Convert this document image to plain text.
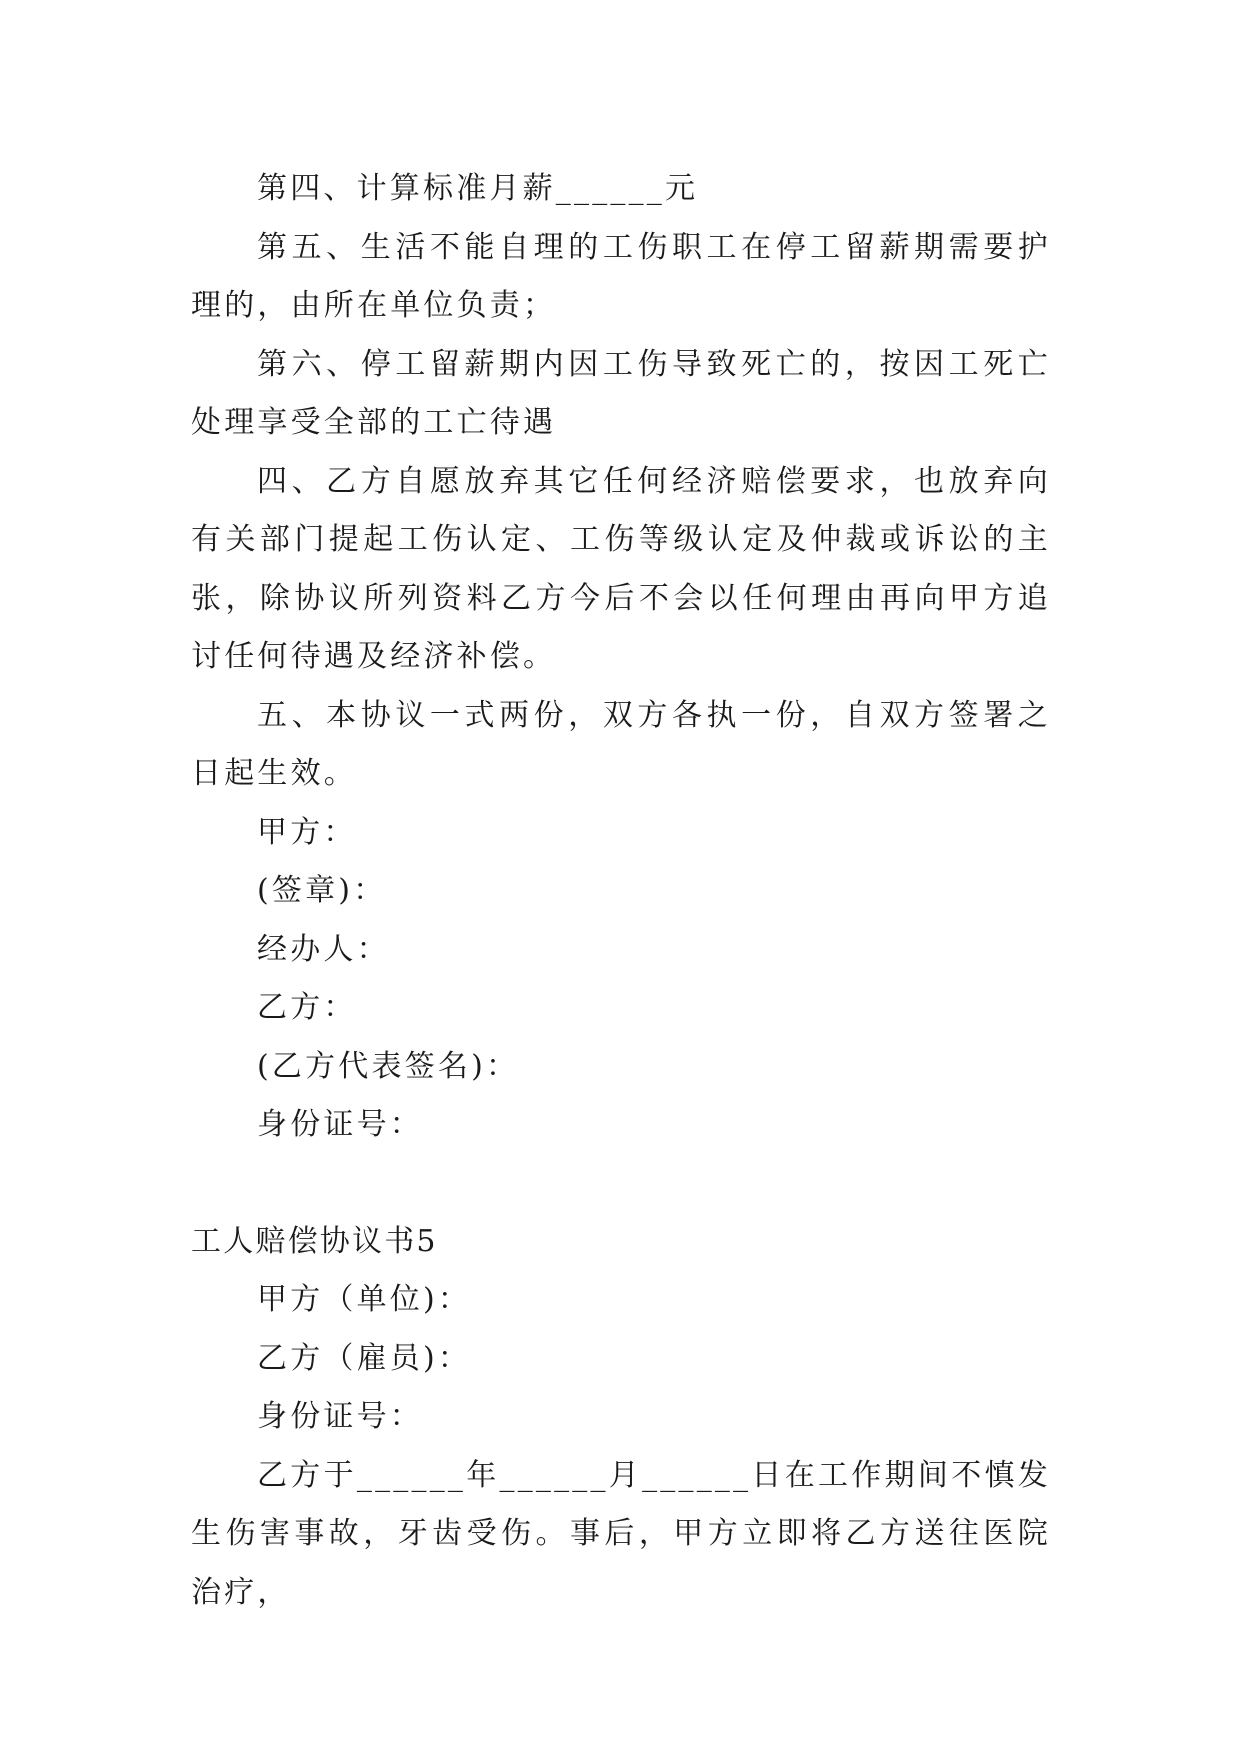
第四、计算标准月薪______元

第五、生活不能自理的工伤职工在停工留薪期需要护理的，由所在单位负责；

第六、停工留薪期内因工伤导致死亡的，按因工死亡处理享受全部的工亡待遇

四、乙方自愿放弃其它任何经济赔偿要求，也放弃向有关部门提起工伤认定、工伤等级认定及仲裁或诉讼的主张，除协议所列资料乙方今后不会以任何理由再向甲方追讨任何待遇及经济补偿。

五、本协议一式两份，双方各执一份，自双方签署之日起生效。

甲方：

(签章)：

经办人：

乙方：

(乙方代表签名)：

身份证号：

工人赔偿协议书5

甲方（单位)：

乙方（雇员)：

身份证号：

乙方于______年______月______日在工作期间不慎发生伤害事故，牙齿受伤。事后，甲方立即将乙方送往医院治疗，
